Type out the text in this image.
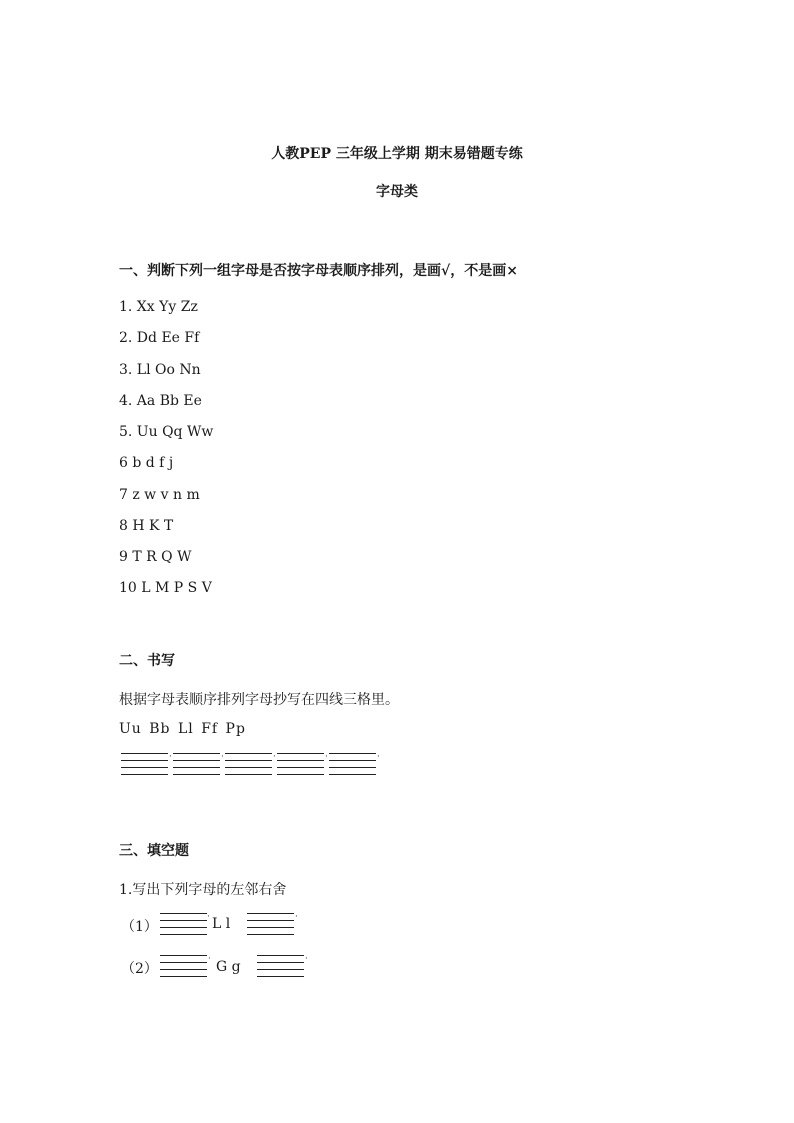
人教PEP 三年级上学期 期末易错题专练
字母类
一、判断下列一组字母是否按字母表顺序排列，是画√，不是画×
1. Xx Yy Zz
2. Dd Ee Ff
3. Ll Oo Nn
4. Aa Bb Ee
5. Uu Qq Ww
6 b d f j
7 z w v n m
8 H K T
9 T R Q W
10 L M P S V
二、书写
根据字母表顺序排列字母抄写在四线三格里。
Uu Bb Ll Ff Pp
·	·	·	·	·
三、填空题
1.写出下列字母的左邻右舍
（1）
· L l	·
（2）
· G g	·
